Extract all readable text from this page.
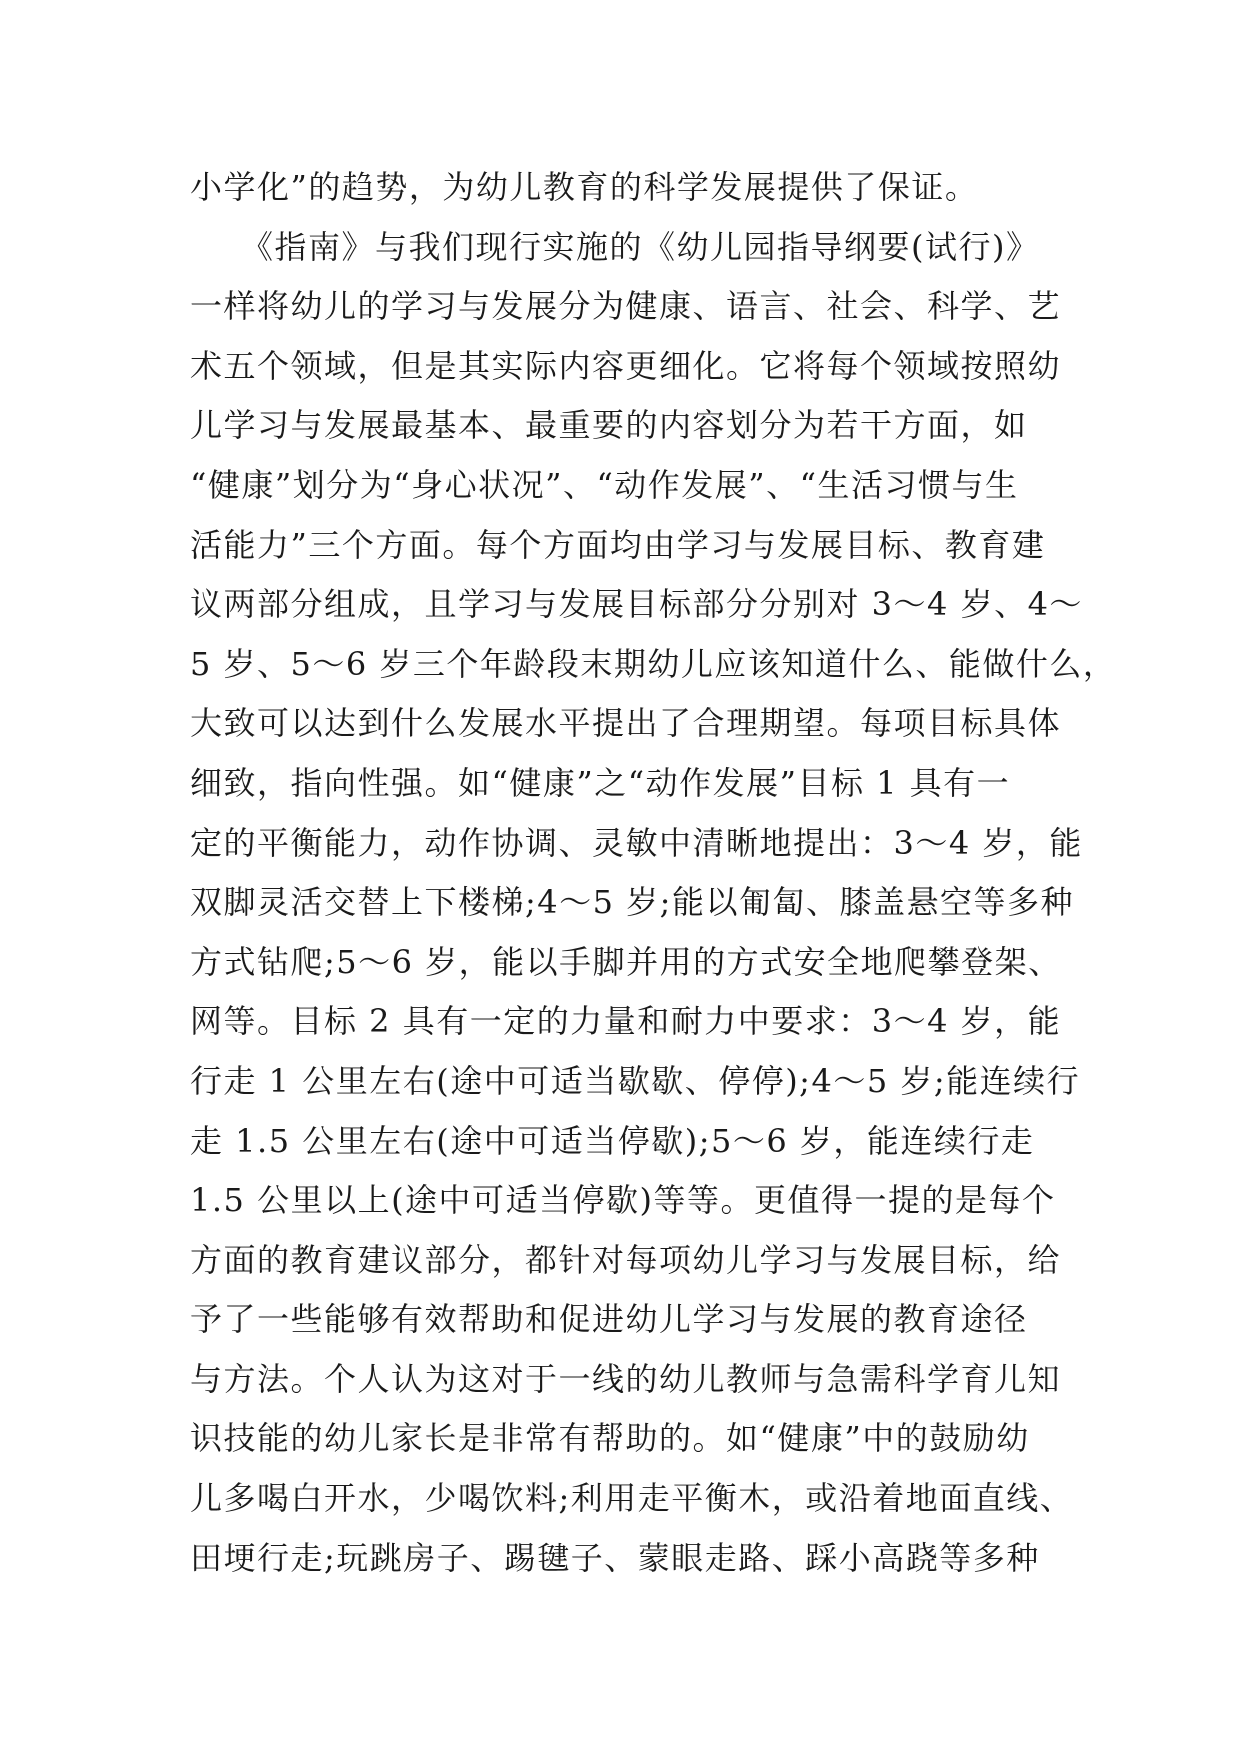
小学化”的趋势，为幼儿教育的科学发展提供了保证。
　　《指南》与我们现行实施的《幼儿园指导纲要(试行)》
一样将幼儿的学习与发展分为健康、语言、社会、科学、艺
术五个领域，但是其实际内容更细化。它将每个领域按照幼
儿学习与发展最基本、最重要的内容划分为若干方面，如
“健康”划分为“身心状况”、“动作发展”、“生活习惯与生
活能力”三个方面。每个方面均由学习与发展目标、教育建
议两部分组成，且学习与发展目标部分分别对 3～4 岁、4～
5 岁、5～6 岁三个年龄段末期幼儿应该知道什么、能做什么，
大致可以达到什么发展水平提出了合理期望。每项目标具体
细致，指向性强。如“健康”之“动作发展”目标 1 具有一
定的平衡能力，动作协调、灵敏中清晰地提出：3～4 岁，能
双脚灵活交替上下楼梯;4～5 岁;能以匍匐、膝盖悬空等多种
方式钻爬;5～6 岁，能以手脚并用的方式安全地爬攀登架、
网等。目标 2 具有一定的力量和耐力中要求：3～4 岁，能
行走 1 公里左右(途中可适当歇歇、停停);4～5 岁;能连续行
走 1.5 公里左右(途中可适当停歇);5～6 岁，能连续行走
1.5 公里以上(途中可适当停歇)等等。更值得一提的是每个
方面的教育建议部分，都针对每项幼儿学习与发展目标，给
予了一些能够有效帮助和促进幼儿学习与发展的教育途径
与方法。个人认为这对于一线的幼儿教师与急需科学育儿知
识技能的幼儿家长是非常有帮助的。如“健康”中的鼓励幼
儿多喝白开水，少喝饮料;利用走平衡木，或沿着地面直线、
田埂行走;玩跳房子、踢毽子、蒙眼走路、踩小高跷等多种
